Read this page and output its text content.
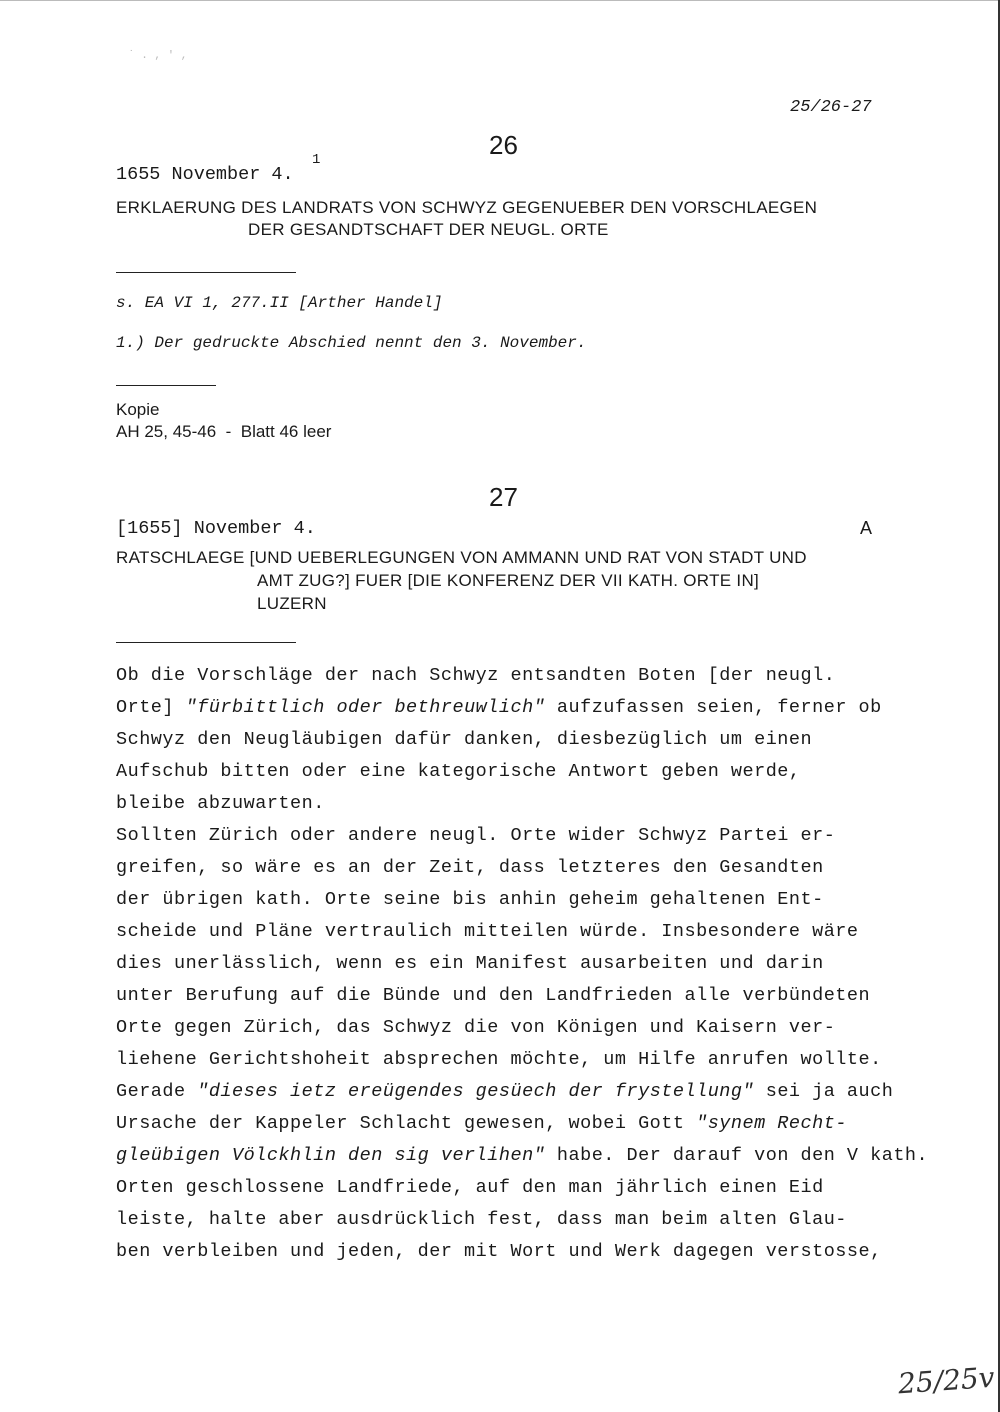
˙ . , ' ,
25/26-27
26
1655 November 4.
1
ERKLAERUNG DES LANDRATS VON SCHWYZ GEGENUEBER DEN VORSCHLAEGEN
DER GESANDTSCHAFT DER NEUGL. ORTE
s. EA VI 1, 277.II [Arther Handel]
1.) Der gedruckte Abschied nennt den 3. November.
Kopie
AH 25, 45-46  -  Blatt 46 leer
27
[1655] November 4.	A
RATSCHLAEGE [UND UEBERLEGUNGEN VON AMMANN UND RAT VON STADT UND
AMT ZUG?] FUER [DIE KONFERENZ DER VII KATH. ORTE IN]
LUZERN
Ob die Vorschläge der nach Schwyz entsandten Boten [der neugl.
Orte] "fürbittlich oder bethreuwlich" aufzufassen seien, ferner ob
Schwyz den Neugläubigen dafür danken, diesbezüglich um einen
Aufschub bitten oder eine kategorische Antwort geben werde,
bleibe abzuwarten.
Sollten Zürich oder andere neugl. Orte wider Schwyz Partei er-
greifen, so wäre es an der Zeit, dass letzteres den Gesandten
der übrigen kath. Orte seine bis anhin geheim gehaltenen Ent-
scheide und Pläne vertraulich mitteilen würde. Insbesondere wäre
dies unerlässlich, wenn es ein Manifest ausarbeiten und darin
unter Berufung auf die Bünde und den Landfrieden alle verbündeten
Orte gegen Zürich, das Schwyz die von Königen und Kaisern ver-
liehene Gerichtshoheit absprechen möchte, um Hilfe anrufen wollte.
Gerade "dieses ietz ereügendes gesüech der frystellung" sei ja auch
Ursache der Kappeler Schlacht gewesen, wobei Gott "synem Recht-
gleübigen Völckhlin den sig verlihen" habe. Der darauf von den V kath.
Orten geschlossene Landfriede, auf den man jährlich einen Eid
leiste, halte aber ausdrücklich fest, dass man beim alten Glau-
ben verbleiben und jeden, der mit Wort und Werk dagegen verstosse,
25/25v
